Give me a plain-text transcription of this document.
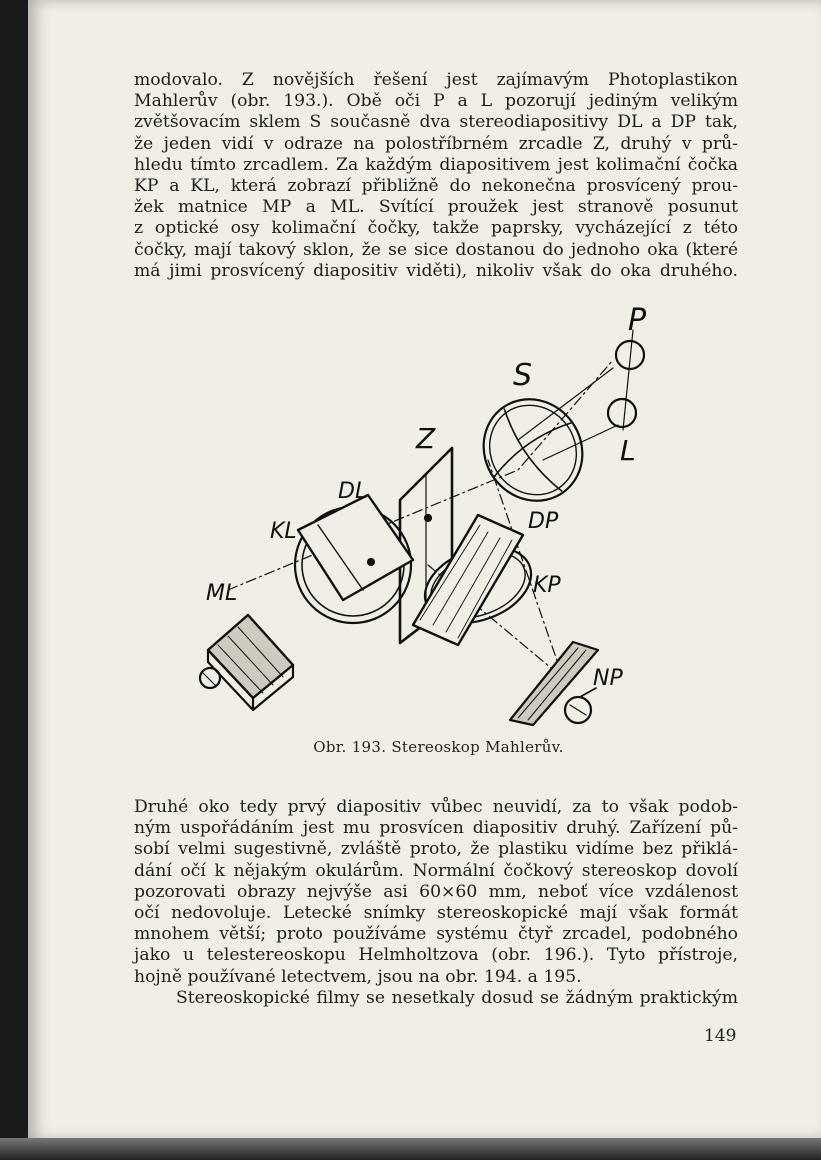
modovalo. Z novějších řešení jest zajímavým Photoplastikon
Mahlerův (obr. 193.). Obě oči P a L pozorují jediným velikým
zvětšovacím sklem S současně dva stereodiapositivy DL a DP tak,
že jeden vidí v odraze na polostříbrném zrcadle Z, druhý v prů-
hledu tímto zrcadlem. Za každým diapositivem jest kolimační čočka
KP a KL, která zobrazí přibližně do nekonečna prosvícený prou-
žek matnice MP a ML. Svítící proužek jest stranově posunut
z optické osy kolimační čočky, takže paprsky, vycházející z této
čočky, mají takový sklon, že se sice dostanou do jednoho oka (které
má jimi prosvícený diapositiv viděti), nikoliv však do oka druhého.
P
L
S
Z
DL
DP
KL
KP
ML
NP
Obr. 193. Stereoskop Mahlerův.
Druhé oko tedy prvý diapositiv vůbec neuvidí, za to však podob-
ným uspořádáním jest mu prosvícen diapositiv druhý. Zařízení pů-
sobí velmi sugestivně, zvláště proto, že plastiku vidíme bez přiklá-
dání očí k nějakým okulárům. Normální čočkový stereoskop dovolí
pozorovati obrazy nejvýše asi 60×60 mm, neboť více vzdálenost
očí nedovoluje. Letecké snímky stereoskopické mají však formát
mnohem větší; proto používáme systému čtyř zrcadel, podobného
jako u telestereoskopu Helmholtzova (obr. 196.). Tyto přístroje,
hojně používané letectvem, jsou na obr. 194. a 195.
Stereoskopické filmy se nesetkaly dosud se žádným praktickým
149
